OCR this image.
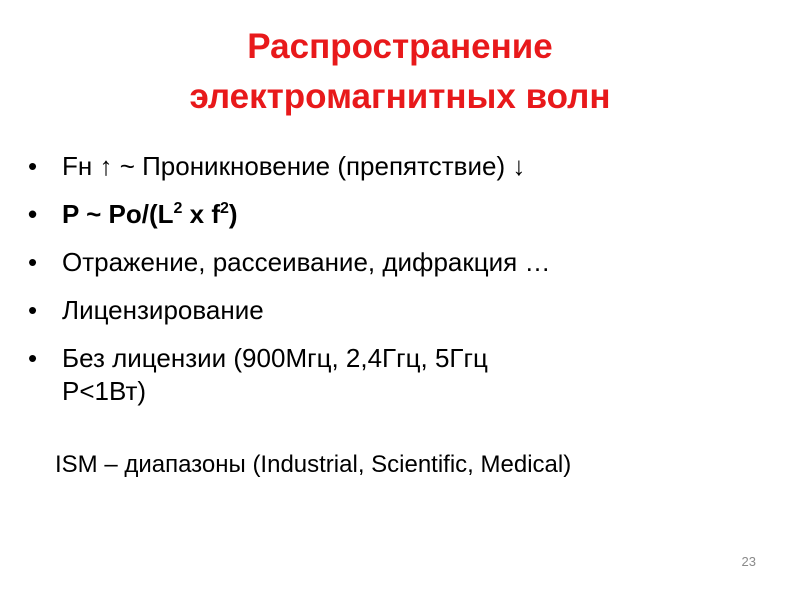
Распространение
электромагнитных волн
• Fн ↑ ~ Проникновение (препятствие) ↓
• P ~ $Po/(L^2$ x $f^2$)
• Отражение, рассеивание, дифракция …
• Лицензирование
• Без лицензии (900Мгц, 2,4Ггц, 5Ггц
P<1Вт)
ISM – диапазоны (Industrial, Scientific, Medical)
23
